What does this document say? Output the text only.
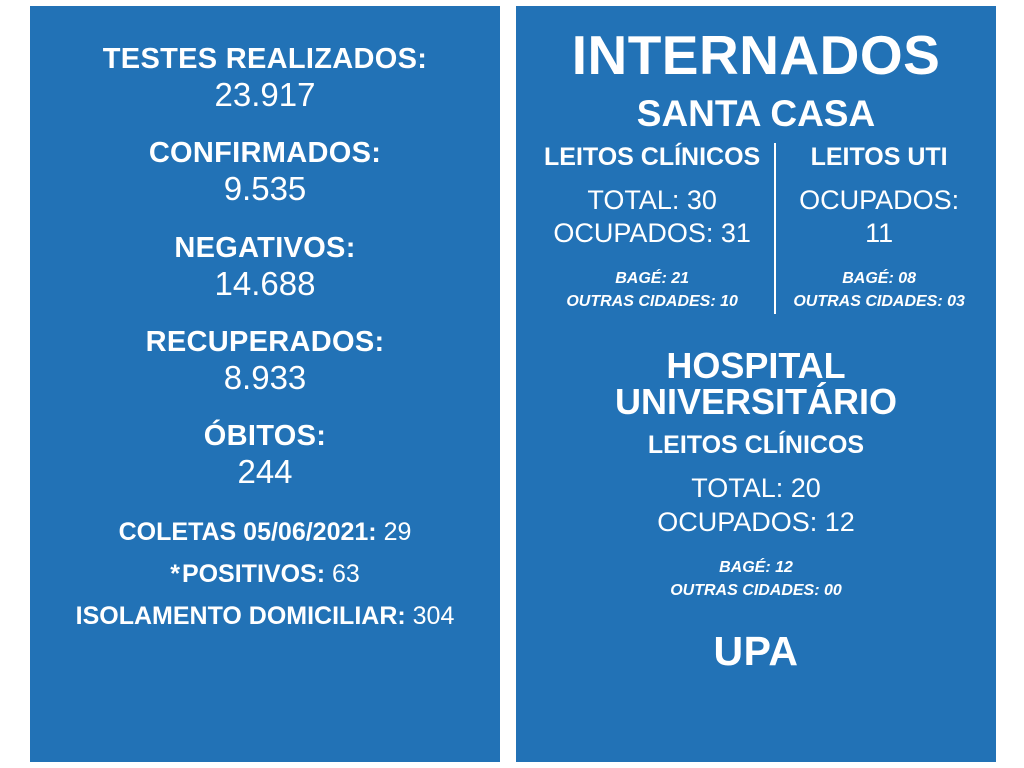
TESTES REALIZADOS:
23.917
CONFIRMADOS:
9.535
NEGATIVOS:
14.688
RECUPERADOS:
8.933
ÓBITOS:
244
COLETAS 05/06/2021: 29
*POSITIVOS: 63
ISOLAMENTO DOMICILIAR: 304
INTERNADOS
SANTA CASA
LEITOS CLÍNICOS
TOTAL: 30
OCUPADOS: 31
BAGÉ: 21
OUTRAS CIDADES: 10
LEITOS UTI
OCUPADOS: 11
BAGÉ: 08
OUTRAS CIDADES: 03
HOSPITAL
UNIVERSITÁRIO
LEITOS CLÍNICOS
TOTAL: 20
OCUPADOS: 12
BAGÉ: 12
OUTRAS CIDADES: 00
UPA
